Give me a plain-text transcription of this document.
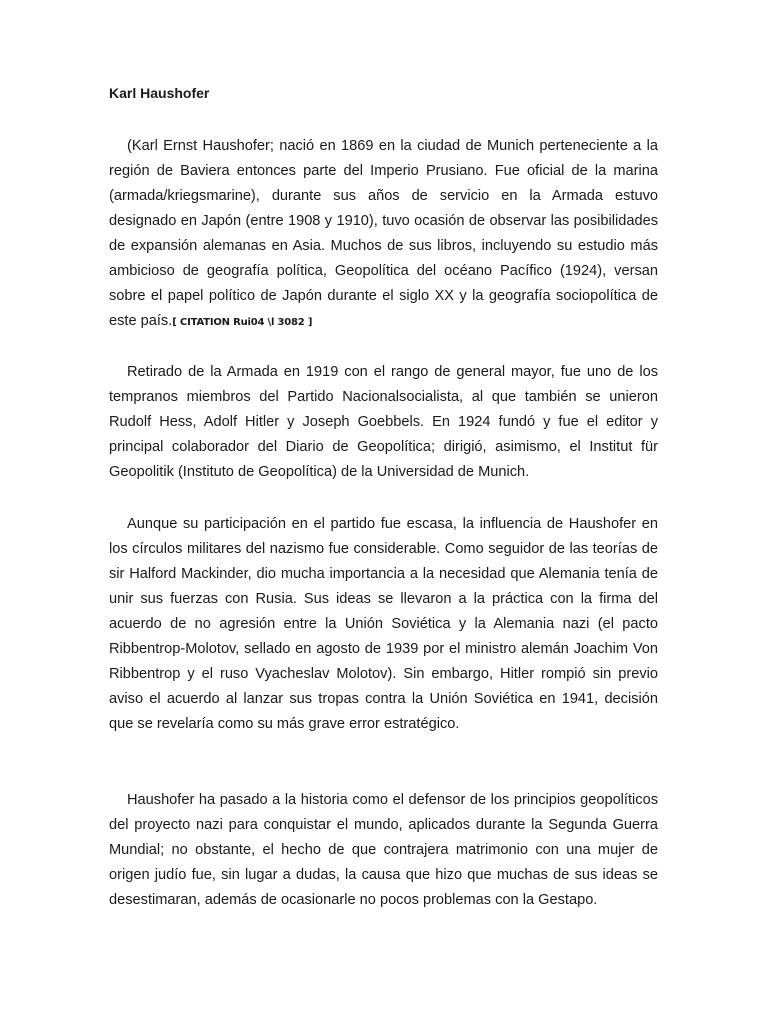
Karl Haushofer

(Karl Ernst Haushofer; nació en 1869 en la ciudad de Munich perteneciente a la región de Baviera entonces parte del Imperio Prusiano. Fue oficial de la marina (armada/kriegsmarine), durante sus años de servicio en la Armada estuvo designado en Japón (entre 1908 y 1910), tuvo ocasión de observar las posibilidades de expansión alemanas en Asia. Muchos de sus libros, incluyendo su estudio más ambicioso de geografía política, Geopolítica del océano Pacífico (1924), versan sobre el papel político de Japón durante el siglo XX y la geografía sociopolítica de este país.[ CITATION Rui04 \l 3082 ]

Retirado de la Armada en 1919 con el rango de general mayor, fue uno de los tempranos miembros del Partido Nacionalsocialista, al que también se unieron Rudolf Hess, Adolf Hitler y Joseph Goebbels. En 1924 fundó y fue el editor y principal colaborador del Diario de Geopolítica; dirigió, asimismo, el Institut für Geopolitik (Instituto de Geopolítica) de la Universidad de Munich.

Aunque su participación en el partido fue escasa, la influencia de Haushofer en los círculos militares del nazismo fue considerable. Como seguidor de las teorías de sir Halford Mackinder, dio mucha importancia a la necesidad que Alemania tenía de unir sus fuerzas con Rusia. Sus ideas se llevaron a la práctica con la firma del acuerdo de no agresión entre la Unión Soviética y la Alemania nazi (el pacto Ribbentrop-Molotov, sellado en agosto de 1939 por el ministro alemán Joachim Von Ribbentrop y el ruso Vyacheslav Molotov). Sin embargo, Hitler rompió sin previo aviso el acuerdo al lanzar sus tropas contra la Unión Soviética en 1941, decisión que se revelaría como su más grave error estratégico.

Haushofer ha pasado a la historia como el defensor de los principios geopolíticos del proyecto nazi para conquistar el mundo, aplicados durante la Segunda Guerra Mundial; no obstante, el hecho de que contrajera matrimonio con una mujer de origen judío fue, sin lugar a dudas, la causa que hizo que muchas de sus ideas se desestimaran, además de ocasionarle no pocos problemas con la Gestapo.
